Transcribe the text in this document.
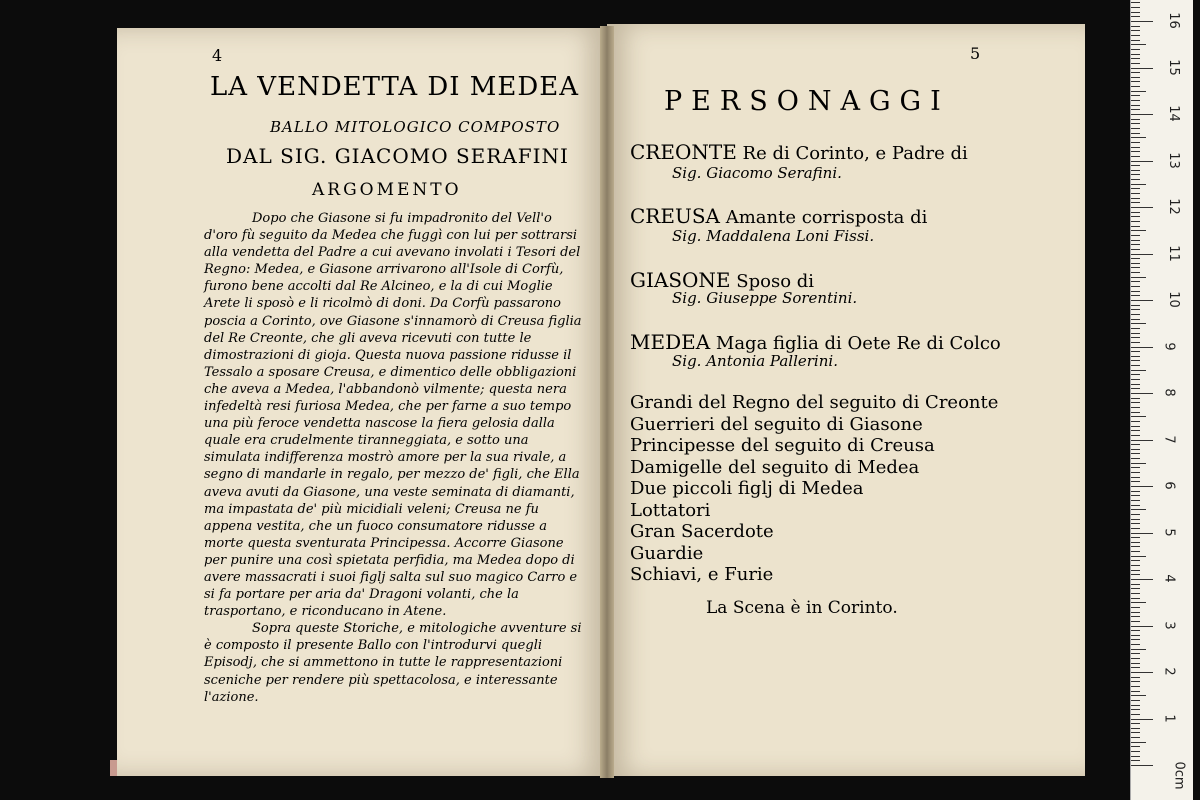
4
LA VENDETTA DI MEDEA
BALLO MITOLOGICO COMPOSTO
DAL SIG. GIACOMO SERAFINI
ARGOMENTO

Dopo che Giasone si fu impadronito del Vell'o d'oro fù seguito da Medea che fuggì con lui per sottrarsi alla vendetta del Padre a cui avevano involati i Tesori del Regno: Medea, e Giasone arrivarono all'Isole di Corfù, furono bene accolti dal Re Alcineo, e la di cui Moglie Arete li sposò e li ricolmò di doni. Da Corfù passarono poscia a Corinto, ove Giasone s'innamorò di Creusa figlia del Re Creonte, che gli aveva ricevuti con tutte le dimostrazioni di gioja. Questa nuova passione ridusse il Tessalo a sposare Creusa, e dimentico delle obbligazioni che aveva a Medea, l'abbandonò vilmente; questa nera infedeltà resi furiosa Medea, che per farne a suo tempo una più feroce vendetta nascose la fiera gelosia dalla quale era crudelmente tiranneggiata, e sotto una simulata indifferenza mostrò amore per la sua rivale, a segno di mandarle in regalo, per mezzo de' figli, che Ella aveva avuti da Giasone, una veste seminata di diamanti, ma impastata de' più micidiali veleni; Creusa ne fu appena vestita, che un fuoco consumatore ridusse a morte questa sventurata Principessa. Accorre Giasone per punire una così spietata perfidia, ma Medea dopo di avere massacrati i suoi figlj salta sul suo magico Carro e si fa portare per aria da' Dragoni volanti, che la trasportano, e riconducano in Atene.

Sopra queste Storiche, e mitologiche avventure si è composto il presente Ballo con l'introdurvi quegli Episodj, che si ammettono in tutte le rappresentazioni sceniche per rendere più spettacolosa, e interessante l'azione.

5
PERSONAGGI
CREONTE Re di Corinto, e Padre di
Sig. Giacomo Serafini.
CREUSA Amante corrisposta di
Sig. Maddalena Loni Fissi.
GIASONE Sposo di
Sig. Giuseppe Sorentini.
MEDEA Maga figlia di Oete Re di Colco
Sig. Antonia Pallerini.
Grandi del Regno del seguito di Creonte
Guerrieri del seguito di Giasone
Principesse del seguito di Creusa
Damigelle del seguito di Medea
Due piccoli figlj di Medea
Lottatori
Gran Sacerdote
Guardie
Schiavi, e Furie
La Scena è in Corinto.
1
2
3
4
5
6
7
8
9
10
11
12
13
14
15
16
0cm
